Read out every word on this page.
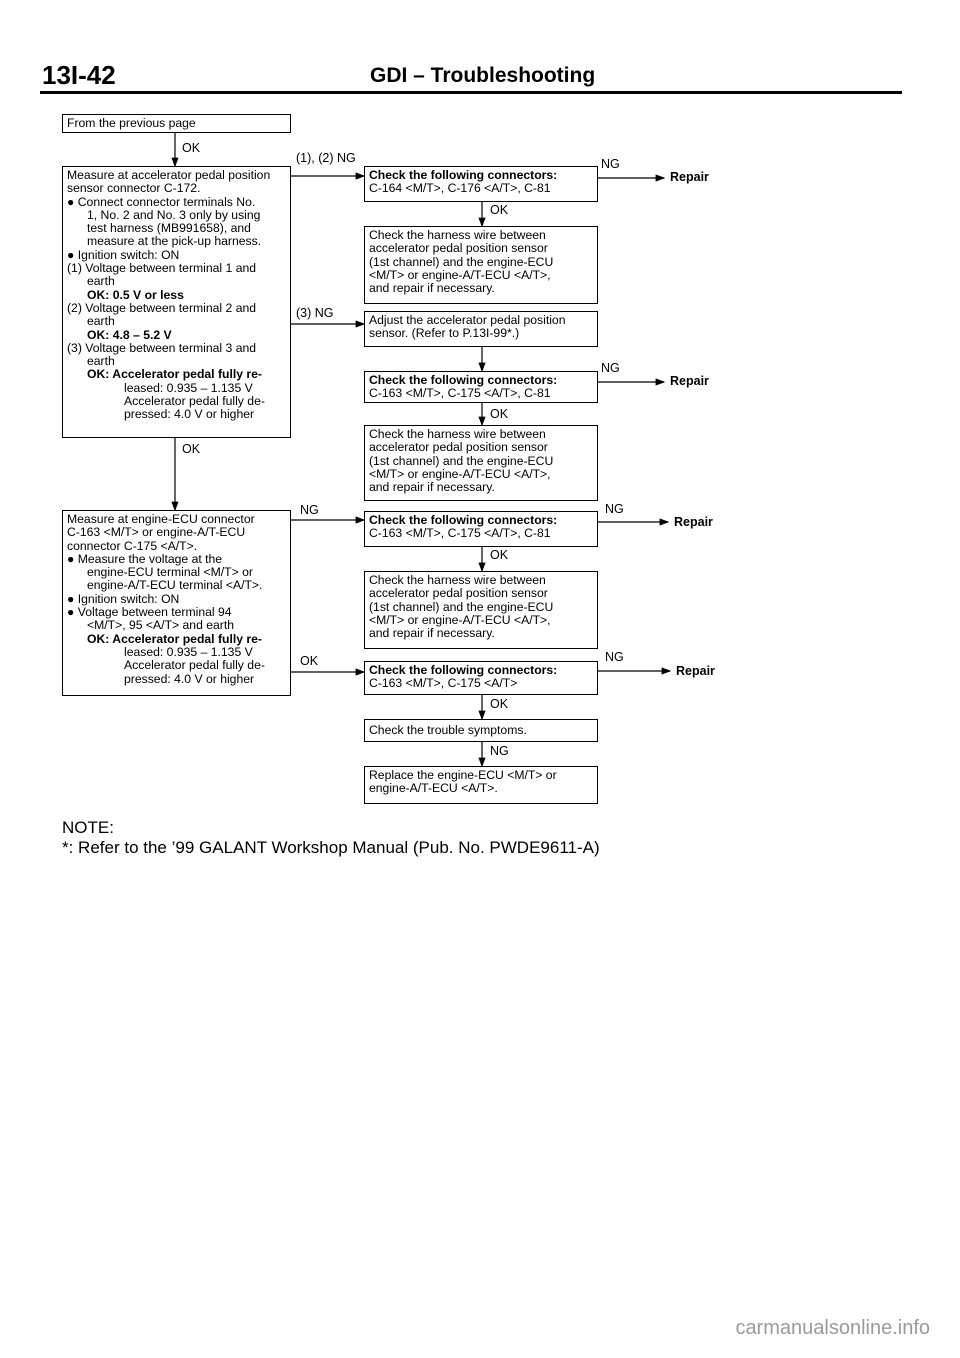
13I-42	GDI – Troubleshooting
From the previous page
OK
Measure at accelerator pedal position
sensor connector C-172.
● Connect connector terminals No.
1, No. 2 and No. 3 only by using
test harness (MB991658), and
measure at the pick-up harness.
● Ignition switch: ON
(1) Voltage between terminal 1 and
earth
OK: 0.5 V or less
(2) Voltage between terminal 2 and
earth
OK: 4.8 – 5.2 V
(3) Voltage between terminal 3 and
earth
OK: Accelerator pedal fully re-
leased: 0.935 – 1.135 V
Accelerator pedal fully de-
pressed: 4.0 V or higher
OK
Measure at engine-ECU connector
C-163 <M/T> or engine-A/T-ECU
connector C-175 <A/T>.
● Measure the voltage at the
engine-ECU terminal <M/T> or
engine-A/T-ECU terminal <A/T>.
● Ignition switch: ON
● Voltage between terminal 94
<M/T>, 95 <A/T> and earth
OK: Accelerator pedal fully re-
leased: 0.935 – 1.135 V
Accelerator pedal fully de-
pressed: 4.0 V or higher
(1), (2) NG
(3) NG
NG
OK
Check the following connectors:
C-164 <M/T>, C-176 <A/T>, C-81
OK
Check the harness wire between
accelerator pedal position sensor
(1st channel) and the engine-ECU
<M/T> or engine-A/T-ECU <A/T>,
and repair if necessary.
Adjust the accelerator pedal position
sensor. (Refer to P.13I-99*.)
Check the following connectors:
C-163 <M/T>, C-175 <A/T>, C-81
OK
Check the harness wire between
accelerator pedal position sensor
(1st channel) and the engine-ECU
<M/T> or engine-A/T-ECU <A/T>,
and repair if necessary.
Check the following connectors:
C-163 <M/T>, C-175 <A/T>, C-81
OK
Check the harness wire between
accelerator pedal position sensor
(1st channel) and the engine-ECU
<M/T> or engine-A/T-ECU <A/T>,
and repair if necessary.
Check the following connectors:
C-163 <M/T>, C-175 <A/T>
OK
Check the trouble symptoms.
NG
Replace the engine-ECU <M/T> or
engine-A/T-ECU <A/T>.
NG
Repair
NG
Repair
NG
Repair
NG
Repair
NOTE:
*: Refer to the ’99 GALANT Workshop Manual (Pub. No. PWDE9611-A)
carmanualsonline.info
